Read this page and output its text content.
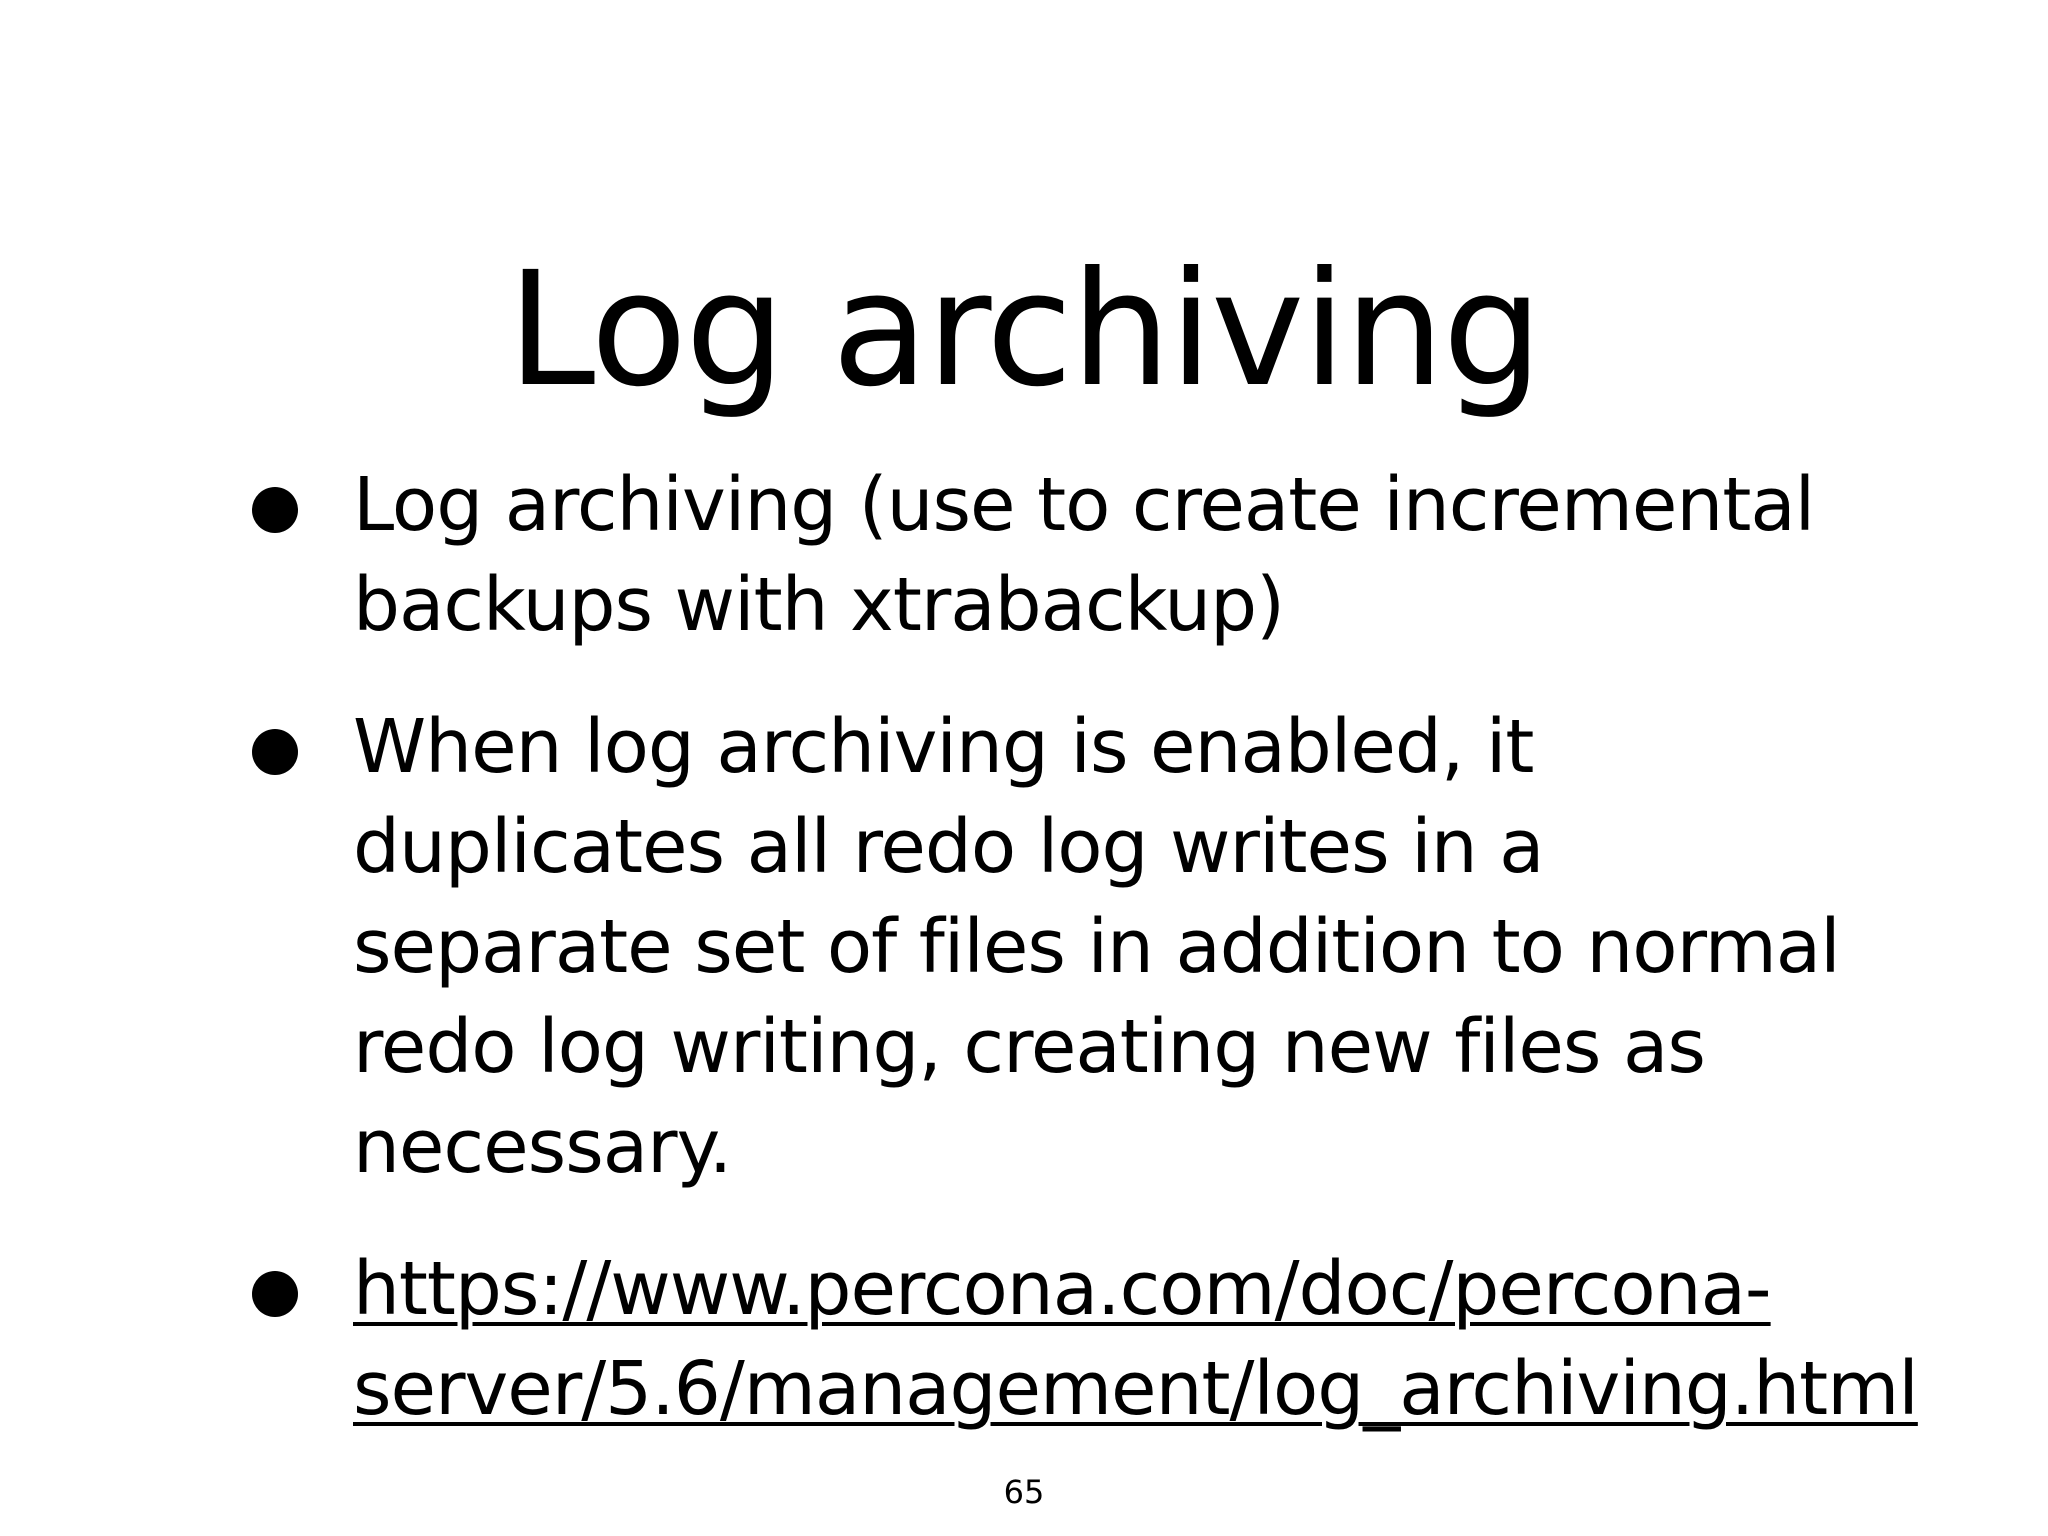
Log archiving
Log archiving (use to create incremental backups with xtrabackup)
When log archiving is enabled, it duplicates all redo log writes in a separate set of files in addition to normal redo log writing, creating new files as necessary.
https://www.percona.com/doc/percona-
server/5.6/management/log_archiving.html
65
